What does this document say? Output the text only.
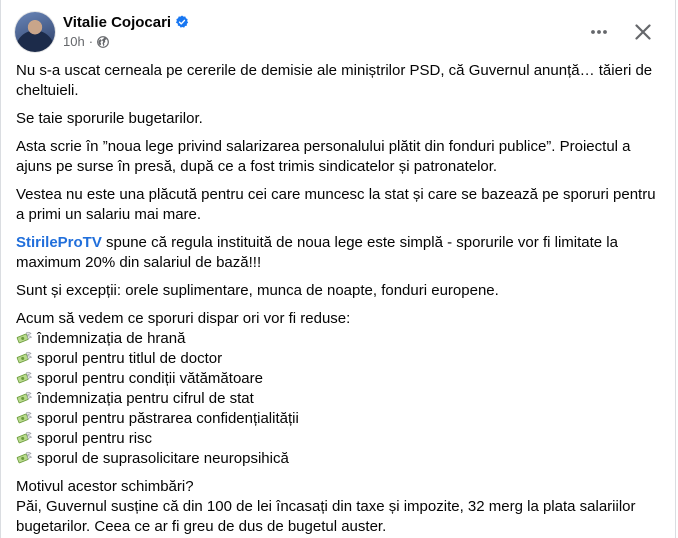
Vitalie Cojocari
10h ·

Nu s-a uscat cerneala pe cererile de demisie ale miniștrilor PSD, că Guvernul anunță… tăieri de cheltuieli.

Se taie sporurile bugetarilor.

Asta scrie în ”noua lege privind salarizarea personalului plătit din fonduri publice”. Proiectul a ajuns pe surse în presă, după ce a fost trimis sindicatelor și patronatelor.

Vestea nu este una plăcută pentru cei care muncesc la stat și care se bazează pe sporuri pentru a primi un salariu mai mare.

StirileProTV spune că regula instituită de noua lege este simplă - sporurile vor fi limitate la maximum 20% din salariul de bază!!!

Sunt și excepții: orele suplimentare, munca de noapte, fonduri europene.

Acum să vedem ce sporuri dispar ori vor fi reduse:
îndemnizația de hrană
sporul pentru titlul de doctor
sporul pentru condiții vătămătoare
îndemnizația pentru cifrul de stat
sporul pentru păstrarea confidențialității
sporul pentru risc
sporul de suprasolicitare neuropsihică

Motivul acestor schimbări?
Păi, Guvernul susține că din 100 de lei încasați din taxe și impozite, 32 merg la plata salariilor bugetarilor. Ceea ce ar fi greu de dus de bugetul auster.
